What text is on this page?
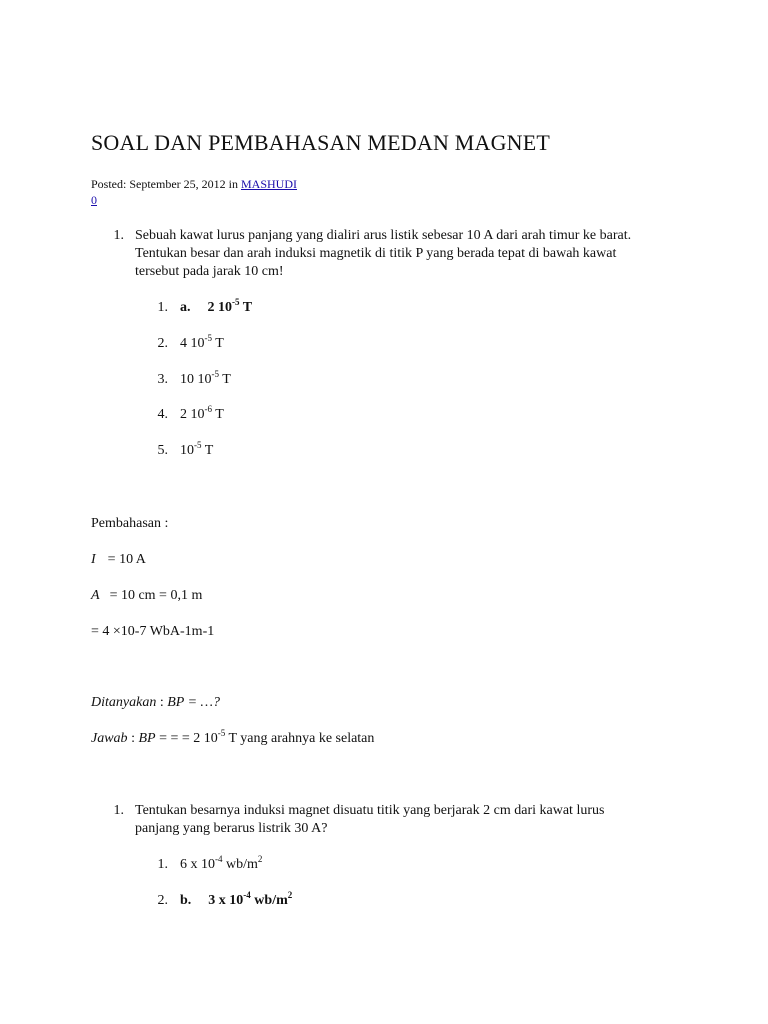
SOAL DAN PEMBAHASAN MEDAN MAGNET
Posted: September 25, 2012 in MASHUDI
0
1. Sebuah kawat lurus panjang yang dialiri arus listik sebesar 10 A dari arah timur ke barat.
Tentukan besar dan arah induksi magnetik di titik P yang berada tepat di bawah kawat
tersebut pada jarak 10 cm!
1. a. 2 $10^{-5}$ T
2. 4 $10^{-5}$ T
3. 10 $10^{-5}$ T
4. 2 $10^{-6}$ T
5. $10^{-5}$ T
Pembahasan :
I = 10 A
A = 10 cm = 0,1 m
= 4 ×10-7 WbA-1m-1
Ditanyakan : BP = …?
Jawab : BP = = = 2 $10^{-5}$ T yang arahnya ke selatan
1. Tentukan besarnya induksi magnet disuatu titik yang berjarak 2 cm dari kawat lurus
panjang yang berarus listrik 30 A?
1. 6 x $10^{-4}$ $wb/m^2$
2. b. 3 x $10^{-4}$ $wb/m^2$
